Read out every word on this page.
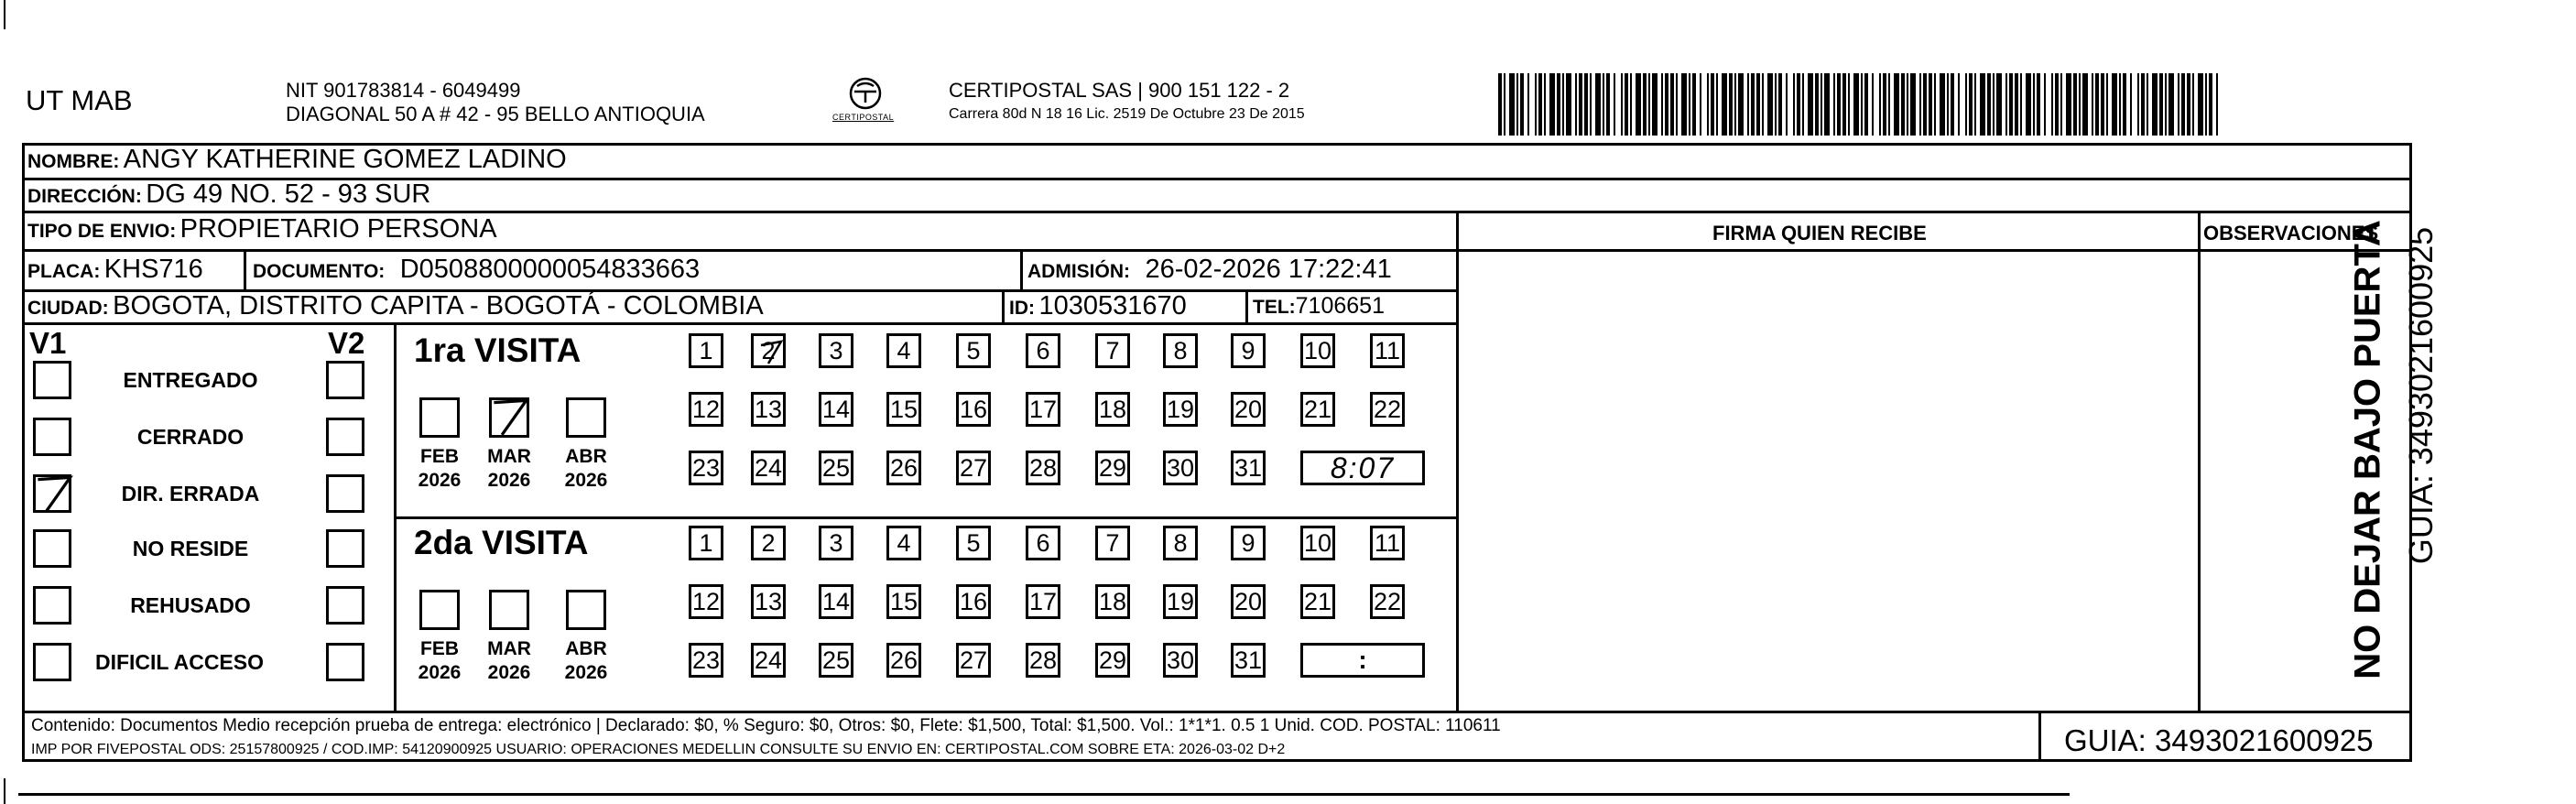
UT MAB	NIT 901783814 - 6049499
DIAGONAL 50 A # 42 - 95 BELLO ANTIOQUIA	CERTIPOSTAL
CERTIPOSTAL SAS | 900 151 122 - 2
Carrera 80d N 18 16 Lic. 2519 De Octubre 23 De 2015
NOMBRE: ANGY KATHERINE GOMEZ LADINO
DIRECCIÓN: DG 49 NO. 52 - 93 SUR
TIPO DE ENVIO: PROPIETARIO PERSONA	FIRMA QUIEN RECIBE	OBSERVACIONES
PLACA: KHS716	DOCUMENTO: D0508800000054833663	ADMISIÓN: 26-02-2026 17:22:41
CIUDAD: BOGOTA, DISTRITO CAPITA - BOGOTÁ - COLOMBIA	ID: 1030531670	TEL:7106651
V1	V2
ENTREGADO
CERRADO
DIR. ERRADA
NO RESIDE
REHUSADO
DIFICIL ACCESO
1ra VISITA
2da VISITA
FEB
2026
MAR
2026
ABR
2026
1 2 3 4 5 6 7 8 9 10 11
12 13 14 15 16 17 18 19 20 21 22
23 24 25 26 27 28 29 30 31 8:07
FEB
2026
MAR
2026
ABR
2026
1 2 3 4 5 6 7 8 9 10 11
12 13 14 15 16 17 18 19 20 21 22
23 24 25 26 27 28 29 30 31	:
Contenido: Documentos Medio recepción prueba de entrega: electrónico | Declarado: $0, % Seguro: $0, Otros: $0, Flete: $1,500, Total: $1,500. Vol.: 1*1*1. 0.5 1 Unid. COD. POSTAL: 110611
IMP POR FIVEPOSTAL ODS: 25157800925 / COD.IMP: 54120900925 USUARIO: OPERACIONES MEDELLIN CONSULTE SU ENVIO EN: CERTIPOSTAL.COM SOBRE ETA: 2026-03-02 D+2	GUIA: 3493021600925
NO DEJAR BAJO PUERTA GUIA: 3493021600925
